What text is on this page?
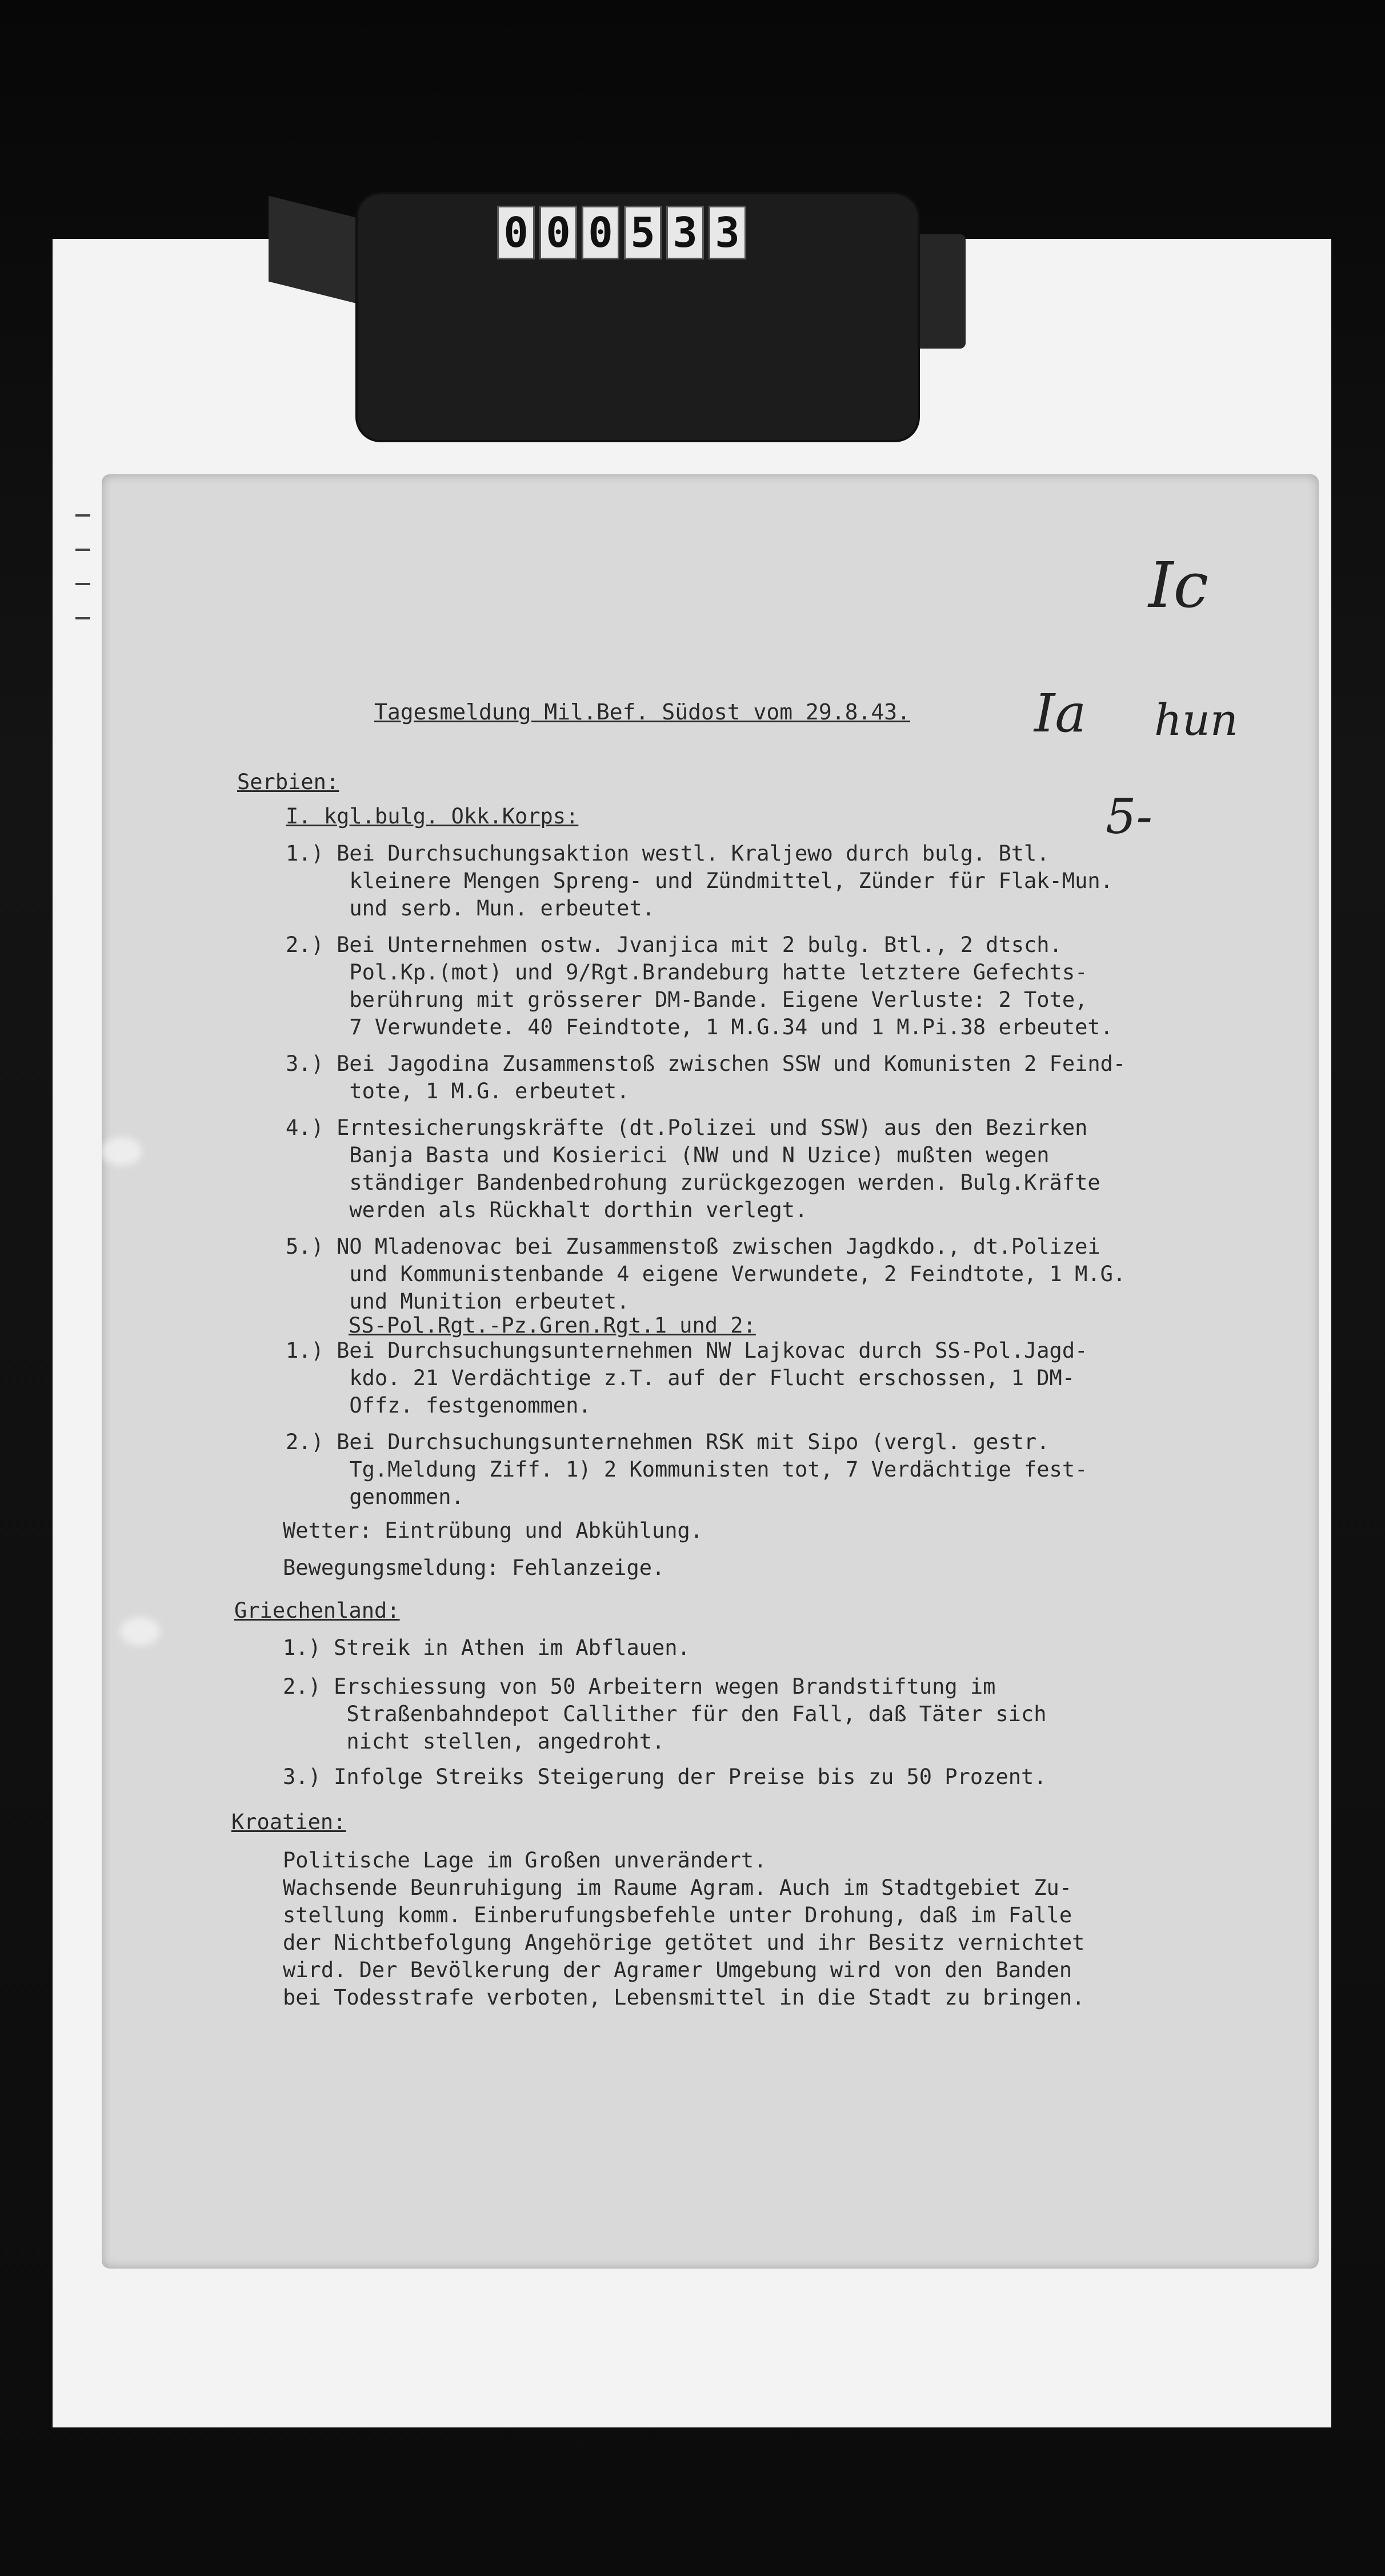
0 0 0 5 3 3
Ic
Ia hun
5-
Tagesmeldung Mil.Bef. Südost vom 29.8.43.
Serbien:
I. kgl.bulg. Okk.Korps:
1.) Bei Durchsuchungsaktion westl. Kraljewo durch bulg. Btl.
kleinere Mengen Spreng- und Zündmittel, Zünder für Flak-Mun.
und serb. Mun. erbeutet.
2.) Bei Unternehmen ostw. Jvanjica mit 2 bulg. Btl., 2 dtsch.
Pol.Kp.(mot) und 9/Rgt.Brandeburg hatte letztere Gefechts-
berührung mit grösserer DM-Bande. Eigene Verluste: 2 Tote,
7 Verwundete. 40 Feindtote, 1 M.G.34 und 1 M.Pi.38 erbeutet.
3.) Bei Jagodina Zusammenstoß zwischen SSW und Komunisten 2 Feind-
tote, 1 M.G. erbeutet.
4.) Erntesicherungskräfte (dt.Polizei und SSW) aus den Bezirken
Banja Basta und Kosierici (NW und N Uzice) mußten wegen
ständiger Bandenbedrohung zurückgezogen werden. Bulg.Kräfte
werden als Rückhalt dorthin verlegt.
5.) NO Mladenovac bei Zusammenstoß zwischen Jagdkdo., dt.Polizei
und Kommunistenbande 4 eigene Verwundete, 2 Feindtote, 1 M.G.
und Munition erbeutet.
SS-Pol.Rgt.-Pz.Gren.Rgt.1 und 2:
1.) Bei Durchsuchungsunternehmen NW Lajkovac durch SS-Pol.Jagd-
kdo. 21 Verdächtige z.T. auf der Flucht erschossen, 1 DM-
Offz. festgenommen.
2.) Bei Durchsuchungsunternehmen RSK mit Sipo (vergl. gestr.
Tg.Meldung Ziff. 1) 2 Kommunisten tot, 7 Verdächtige fest-
genommen.
Wetter: Eintrübung und Abkühlung.
Bewegungsmeldung: Fehlanzeige.
Griechenland:
1.) Streik in Athen im Abflauen.
2.) Erschiessung von 50 Arbeitern wegen Brandstiftung im
Straßenbahndepot Callither für den Fall, daß Täter sich
nicht stellen, angedroht.
3.) Infolge Streiks Steigerung der Preise bis zu 50 Prozent.
Kroatien:
Politische Lage im Großen unverändert.
Wachsende Beunruhigung im Raume Agram. Auch im Stadtgebiet Zu-
stellung komm. Einberufungsbefehle unter Drohung, daß im Falle
der Nichtbefolgung Angehörige getötet und ihr Besitz vernichtet
wird. Der Bevölkerung der Agramer Umgebung wird von den Banden
bei Todesstrafe verboten, Lebensmittel in die Stadt zu bringen.
